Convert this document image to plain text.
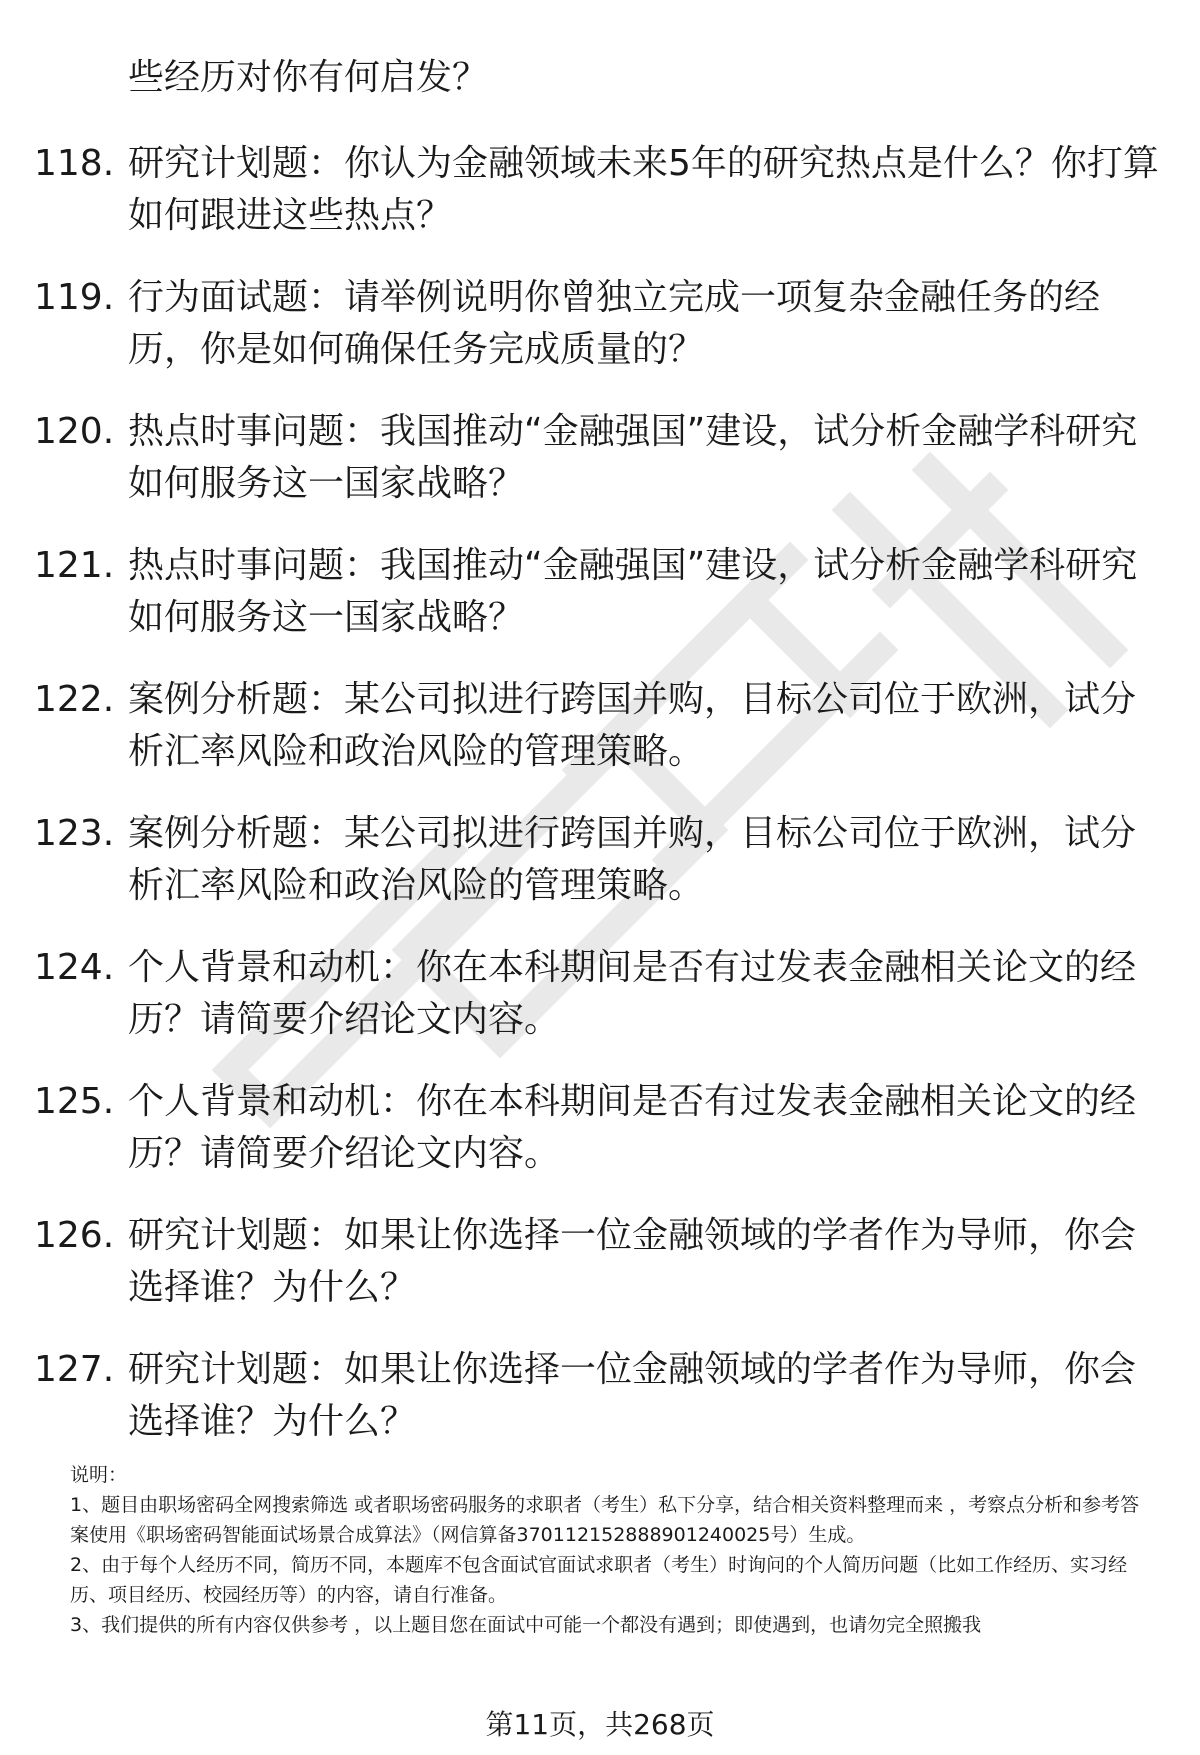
些经历对你有何启发？
118. 研究计划题：你认为金融领域未来5年的研究热点是什么？你打算如何跟进这些热点？
119. 行为面试题：请举例说明你曾独立完成一项复杂金融任务的经历，你是如何确保任务完成质量的？
120. 热点时事问题：我国推动“金融强国”建设，试分析金融学科研究如何服务这一国家战略？
121. 热点时事问题：我国推动“金融强国”建设，试分析金融学科研究如何服务这一国家战略？
122. 案例分析题：某公司拟进行跨国并购，目标公司位于欧洲，试分析汇率风险和政治风险的管理策略。
123. 案例分析题：某公司拟进行跨国并购，目标公司位于欧洲，试分析汇率风险和政治风险的管理策略。
124. 个人背景和动机：你在本科期间是否有过发表金融相关论文的经历？请简要介绍论文内容。
125. 个人背景和动机：你在本科期间是否有过发表金融相关论文的经历？请简要介绍论文内容。
126. 研究计划题：如果让你选择一位金融领域的学者作为导师，你会选择谁？为什么？
127. 研究计划题：如果让你选择一位金融领域的学者作为导师，你会选择谁？为什么？

说明：

1、题目由职场密码全网搜索筛选 或者职场密码服务的求职者（考生）私下分享，结合相关资料整理而来 ，考察点分析和参考答案使用《职场密码智能面试场景合成算法》（网信算备370112152888901240025号）生成。

2、由于每个人经历不同，简历不同，本题库不包含面试官面试求职者（考生）时询问的个人简历问题（比如工作经历、实习经历、项目经历、校园经历等）的内容，请自行准备。

3、我们提供的所有内容仅供参考 ，以上题目您在面试中可能一个都没有遇到；即使遇到，也请勿完全照搬我

第11页，共268页
